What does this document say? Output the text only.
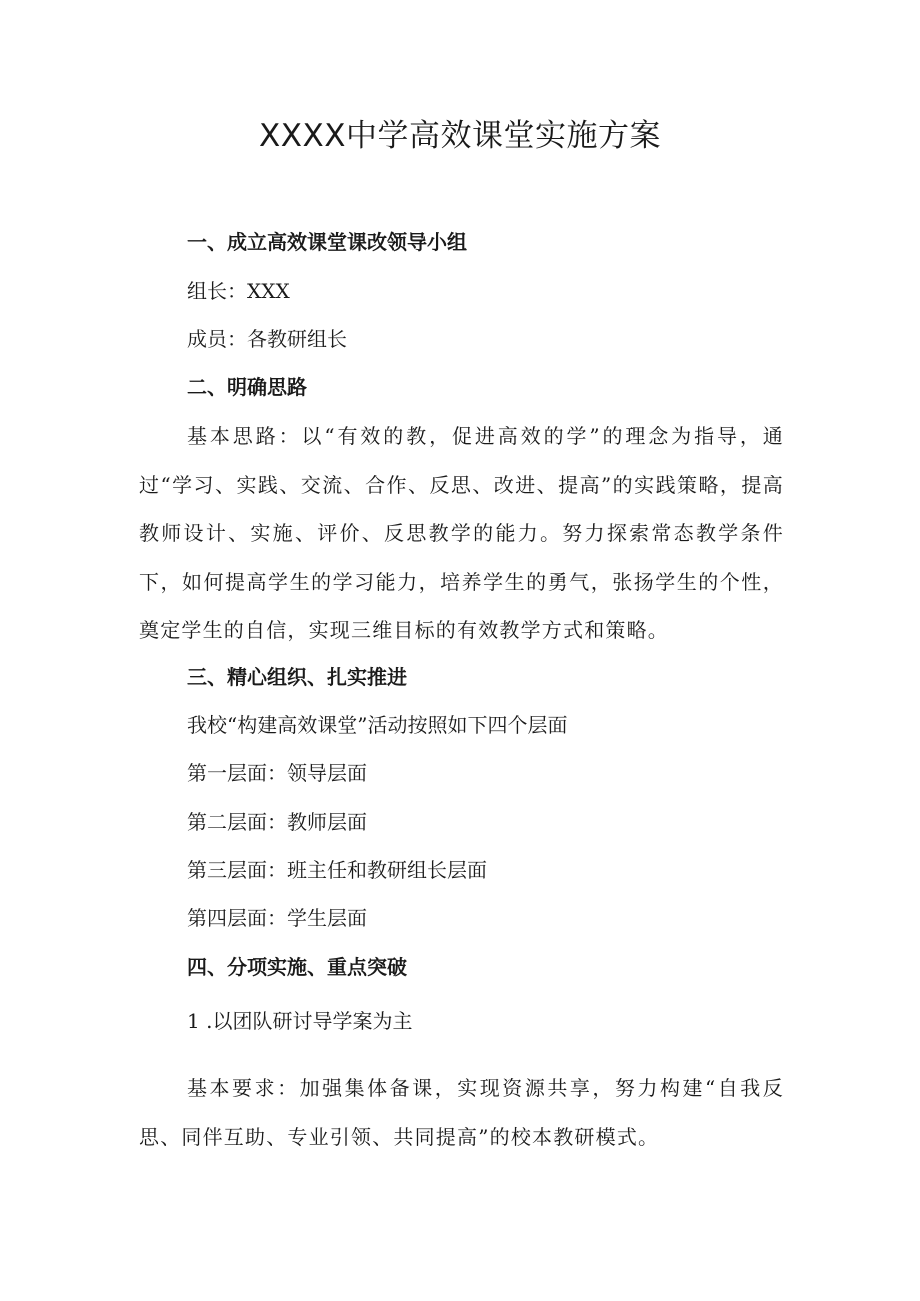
XXXX中学高效课堂实施方案

一、成立高效课堂课改领导小组

组长：XXX

成员：各教研组长

二、明确思路

基本思路：以“有效的教，促进高效的学”的理念为指导，通过“学习、实践、交流、合作、反思、改进、提高”的实践策略，提高教师设计、实施、评价、反思教学的能力。努力探索常态教学条件下，如何提高学生的学习能力，培养学生的勇气，张扬学生的个性，奠定学生的自信，实现三维目标的有效教学方式和策略。

三、精心组织、扎实推进

我校“构建高效课堂”活动按照如下四个层面

第一层面：领导层面

第二层面：教师层面

第三层面：班主任和教研组长层面

第四层面：学生层面

四、分项实施、重点突破

1 .以团队研讨导学案为主

基本要求：加强集体备课，实现资源共享，努力构建“自我反思、同伴互助、专业引领、共同提高”的校本教研模式。
